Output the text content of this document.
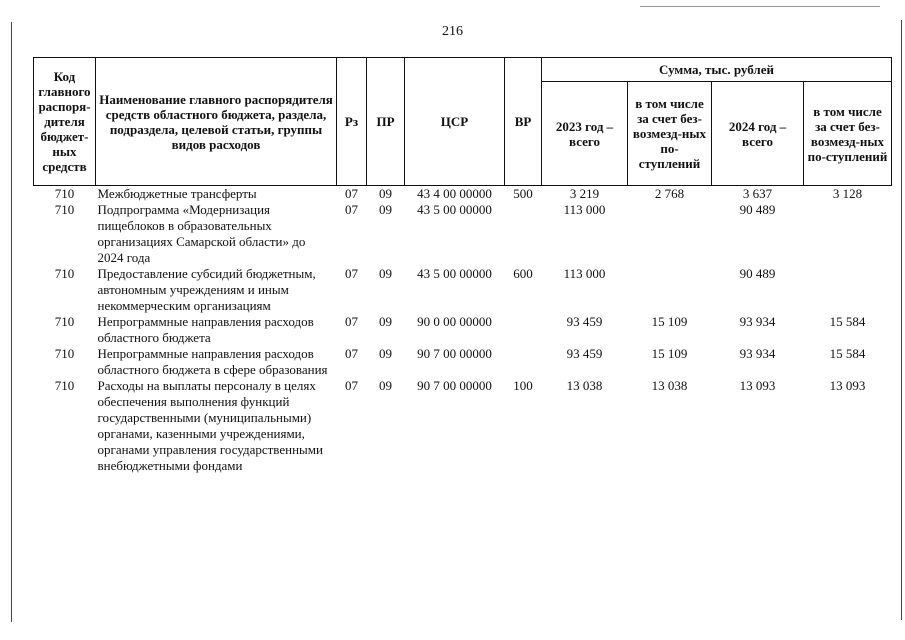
216
Код главного распоря-дителя бюджет-ных средств	Наименование главного распорядителя средств областного бюджета, раздела, подраздела, целевой статьи, группы видов расходов	Рз	ПР	ЦСР	ВР	Сумма, тыс. рублей			
						2023 год – всего	в том числе за счет без-возмезд-ных по-ступлений	2024 год – всего	в том числе за счет без-возмезд-ных по-ступлений
710	Межбюджетные трансферты	07	09	43 4 00 00000	500	3 219	2 768	3 637	3 128
710	Подпрограмма «Модернизация пищеблоков в образовательных организациях Самарской области» до 2024 года	07	09	43 5 00 00000		113 000		90 489	
710	Предоставление субсидий бюджетным, автономным учреждениям и иным некоммерческим организациям	07	09	43 5 00 00000	600	113 000		90 489	
710	Непрограммные направления расходов областного бюджета	07	09	90 0 00 00000		93 459	15 109	93 934	15 584
710	Непрограммные направления расходов областного бюджета в сфере образования	07	09	90 7 00 00000		93 459	15 109	93 934	15 584
710	Расходы на выплаты персоналу в целях обеспечения выполнения функций государственными (муниципальными) органами, казенными учреждениями, органами управления государственными внебюджетными фондами	07	09	90 7 00 00000	100	13 038	13 038	13 093	13 093
